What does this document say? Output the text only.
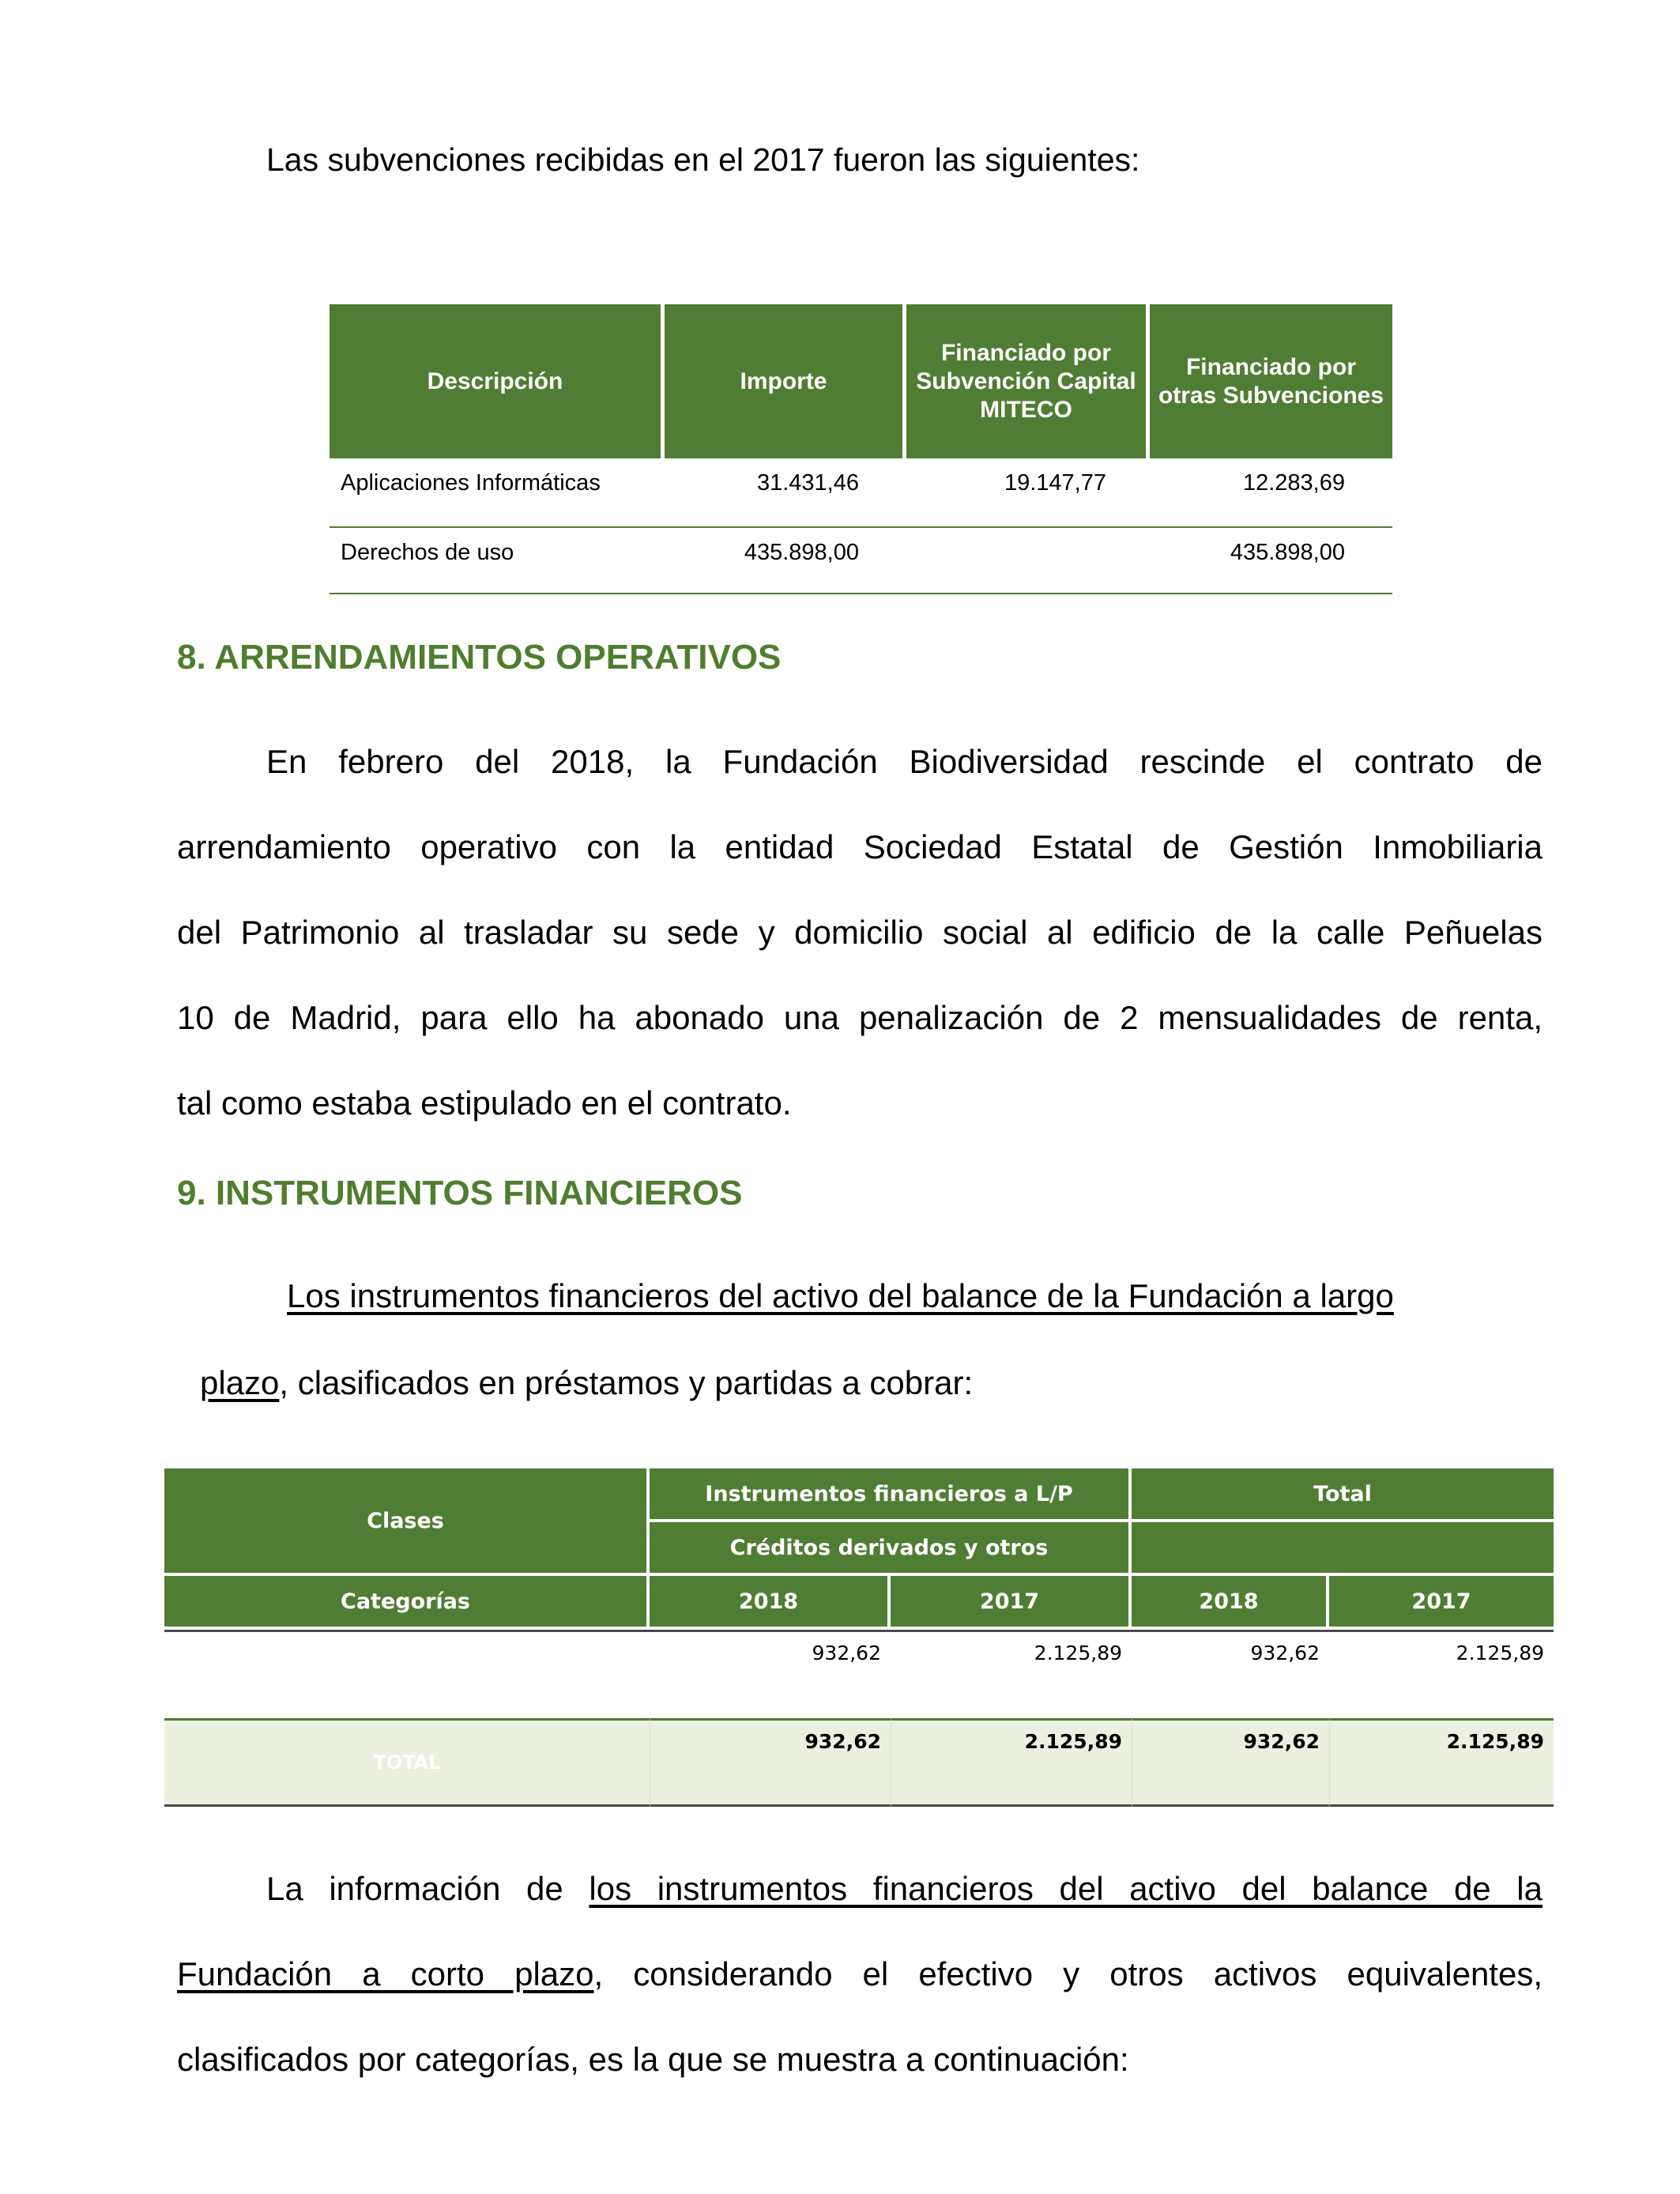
Las subvenciones recibidas en el 2017 fueron las siguientes:
Descripción	Importe	Financiado por Subvención Capital MITECO	Financiado por otras Subvenciones
Aplicaciones Informáticas	31.431,46	19.147,77	12.283,69
Derechos de uso	435.898,00		435.898,00
8. ARRENDAMIENTOS OPERATIVOS
En febrero del 2018, la Fundación Biodiversidad rescinde el contrato de
arrendamiento operativo con la entidad Sociedad Estatal de Gestión Inmobiliaria
del Patrimonio al trasladar su sede y domicilio social al edificio de la calle Peñuelas
10 de Madrid, para ello ha abonado una penalización de 2 mensualidades de renta,
tal como estaba estipulado en el contrato.
9. INSTRUMENTOS FINANCIEROS
Los instrumentos financieros del activo del balance de la Fundación a largo
plazo, clasificados en préstamos y partidas a cobrar:
Clases	Instrumentos financieros a L/P		Total	
	Créditos derivados y otros			
Categorías	2018	2017	2018	2017
	932,62	2.125,89	932,62	2.125,89
TOTAL	932,62	2.125,89	932,62	2.125,89
La información de los instrumentos financieros del activo del balance de la
Fundación a corto plazo, considerando el efectivo y otros activos equivalentes,
clasificados por categorías, es la que se muestra a continuación:
